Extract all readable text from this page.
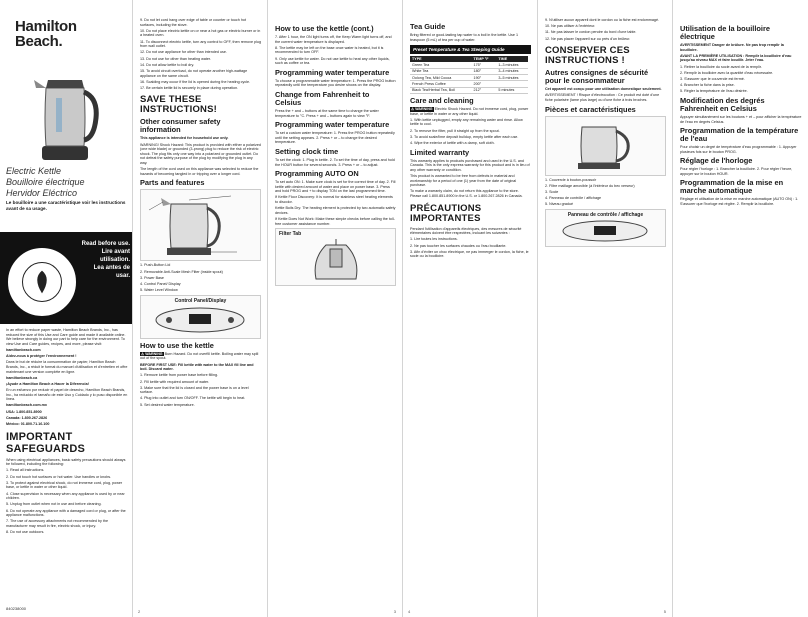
Hamilton Beach.
Electric Kettle
Bouilloire électrique
Hervidor Eléctrico
Le bouilloire a une caractéristique voir les instructions avant de sa usage.
Read before use.
Lire avant utilisation.
Lea antes de usar.

In an effort to reduce paper waste, Hamilton Beach Brands, Inc., has reduced the size of this Use and Care guide and made it available online. We believe strongly in doing our part to help care for the environment. To view Use and Care guides, recipes, and more, please visit:

hamiltonbeach.com

Aidez-nous à protéger l'environnement !

Dans le but de réduire la consommation de papier, Hamilton Beach Brands, Inc., a réduit le format du manuel d'utilisation et d'entretien et offre maintenant une version complète en ligne.

hamiltonbeach.ca

¡Ayude a Hamilton Beach a Hacer la Diferencia!

En un esfuerzo por reducir el papel de desecho, Hamilton Beach Brands, Inc., ha reducido el tamaño de este Uso y Cuidado y lo puso disponible en línea.

hamiltonbeach.com.mx

USA: 1.800.851.8900

Canada: 1.800.267.2826

México: 01.800.71.16.100

IMPORTANT SAFEGUARDS

When using electrical appliances, basic safety precautions should always be followed, including the following:

1. Read all instructions.

2. Do not touch hot surfaces or hot water. Use handles or knobs.

3. To protect against electrical shock, do not immerse cord, plug, power base, or kettle in water or other liquid.

4. Close supervision is necessary when any appliance is used by or near children.

5. Unplug from outlet when not in use and before cleaning.

6. Do not operate any appliance with a damaged cord or plug, or after the appliance malfunctions.

7. The use of accessory attachments not recommended by the manufacturer may result in fire, electric shock, or injury.

8. Do not use outdoors.

840238000

9. Do not let cord hang over edge of table or counter or touch hot surfaces, including the stove.

10. Do not place electric kettle on or near a hot gas or electric burner or in a heated oven.

11. To disconnect electric kettle, turn any control to OFF, then remove plug from wall outlet.

12. Do not use appliance for other than intended use.

13. Do not use for other than heating water.

14. Do not allow kettle to boil dry.

15. To avoid circuit overload, do not operate another high-wattage appliance on the same circuit.

16. Scalding may occur if the lid is opened during the heating cycle.

17. Be certain kettle lid is securely in place during operation.

SAVE THESE INSTRUCTIONS!
Other consumer safety information

This appliance is intended for household use only.

WARNING! Shock Hazard: This product is provided with either a polarized (one wide blade) or grounded (3-prong) plug to reduce the risk of electric shock. The plug fits only one way into a polarized or grounded outlet. Do not defeat the safety purpose of the plug by modifying the plug in any way.

The length of the cord used on this appliance was selected to reduce the hazards of becoming tangled in or tripping over a longer cord.

Parts and features

1. Push-Button Lid

2. Removable Anti-Scale Mesh Filter (inside spout)

3. Power Base

4. Control Panel/ Display

5. Water Level Window

Control Panel/Display
How to use the kettle

⚠ WARNING Burn Hazard. Do not overfill kettle. Boiling water may spill out of the spout.

BEFORE FIRST USE: Fill kettle with water to the MAX fill line and boil. Discard water.

1. Remove kettle from power base before filling.

2. Fill kettle with required amount of water.

3. Make sure that the lid is closed and the power base is on a level surface.

4. Plug into outlet and turn ON/OFF. The kettle will begin to heat.

5. Set desired water temperature.

2
How to use the kettle (cont.)

7. After 1 hour, the ON light turns off, the Keep Warm light turns off, and the current water temperature is displayed.

8. The kettle may be left on the base once water is heated, but it is recommended to turn OFF.

9. Only use kettle for water. Do not use kettle to heat any other liquids, such as coffee or tea.

Programming water temperature

To choose a programmable water temperature: 1. Press the PROG button repeatedly until the temperature you desire shows on the display.

Change from Fahrenheit to Celsius

Press the + and – buttons at the same time to change the water temperature to °C. Press + and – buttons again to view °F.

Programming water temperature

To set a custom water temperature: 1. Press the PROG button repeatedly until the setting appears. 2. Press + or – to change the desired temperature.

Setting clock time

To set the clock: 1. Plug in kettle. 2. To set the time of day, press and hold the HOUR button for several seconds. 3. Press + or – to adjust.

Programming AUTO ON

To set auto ON: 1. Make sure clock is set for the correct time of day. 2. Fill kettle with desired amount of water and place on power base. 3. Press and hold PROG and + to display TON on the last programmed time.

If Kettle Floor Discovery: It is normal for stainless steel heating elements to discolor.

Kettle Boils Dry: The heating element is protected by two automatic safety devices.

If Kettle Does Not Work: Make these simple checks before calling the toll-free customer assistance number.

Filter Tab
3
Tea Guide

Bring filtered or good-tasting tap water to a boil in the kettle. Use 1 teaspoon (5 mL) of tea per cup of water.

Preset Temperature & Tea Steeping Guide
TYPE	TEMP °F	TIME
Green Tea	175°	1–3 minutes
White Tea	180°	3–4 minutes
Oolong Tea, Mild Cocoa	190°	3–5 minutes
French Press Coffee	200°	
Black Tea/Herbal Tea, Boil	212°	5 minutes
Care and cleaning

⚠ WARNING Electric Shock Hazard. Do not immerse cord, plug, power base, or kettle in water or any other liquid.

1. With kettle unplugged, empty any remaining water and rinse. Allow kettle to cool.

2. To remove the filter, pull it straight up from the spout.

3. To avoid scale/lime deposit buildup, empty kettle after each use.

4. Wipe the exterior of kettle with a damp, soft cloth.

Limited warranty

This warranty applies to products purchased and used in the U.S. and Canada. This is the only express warranty for this product and is in lieu of any other warranty or condition.

This product is warranted to be free from defects in material and workmanship for a period of one (1) year from the date of original purchase.

To make a warranty claim, do not return this appliance to the store. Please call 1.800.851.8900 in the U.S. or 1.800.267.2826 in Canada.

PRÉCAUTIONS IMPORTANTES

Pendant l'utilisation d'appareils électriques, des mesures de sécurité élémentaires doivent être respectées, incluant les suivantes :

1. Lire toutes les instructions.

2. Ne pas toucher les surfaces chaudes ou l'eau bouillante.

3. Afin d'éviter un choc électrique, ne pas immerger le cordon, la fiche, le socle ou la bouilloire.

4

9. N'utiliser aucun appareil dont le cordon ou la fiche est endommagé.

10. Ne pas utiliser à l'extérieur.

11. Ne pas laisser le cordon pendre du bord d'une table.

12. Ne pas placer l'appareil sur ou près d'un brûleur.

CONSERVER CES INSTRUCTIONS !
Autres consignes de sécurité pour le consommateur

Cet appareil est conçu pour une utilisation domestique seulement.

AVERTISSEMENT ! Risque d'électrocution : Ce produit est doté d'une fiche polarisée (lame plus large) ou d'une fiche à trois broches.

Pièces et caractéristiques

1. Couvercle à bouton-poussoir

2. Filtre maillage amovible (à l'intérieur du bec verseur)

3. Socle

4. Panneau de contrôle / affichage

5. Niveau gradué

Panneau de contrôle / affichage
5
Utilisation de la bouilloire électrique

AVERTISSEMENT Danger de brûlure. Ne pas trop remplir la bouilloire.

AVANT LA PREMIÈRE UTILISATION : Remplir la bouilloire d'eau jusqu'au niveau MAX et faire bouillir. Jeter l'eau.

1. Retirer la bouilloire du socle avant de la remplir.

2. Remplir la bouilloire avec la quantité d'eau nécessaire.

3. S'assurer que le couvercle est fermé.

4. Brancher la fiche dans la prise.

5. Régler la température de l'eau désirée.

Modification des degrés Fahrenheit en Celsius

Appuyer simultanément sur les boutons + et – pour afficher la température de l'eau en degrés Celsius.

Programmation de la température de l'eau

Pour choisir un degré de température d'eau programmable : 1. Appuyer plusieurs fois sur le bouton PROG.

Réglage de l'horloge

Pour régler l'horloge : 1. Brancher la bouilloire. 2. Pour régler l'heure, appuyer sur le bouton HOUR.

Programmation de la mise en marche automatique

Réglage et utilisation de la mise en marche automatique (AUTO ON) : 1. S'assurer que l'horloge est réglée. 2. Remplir la bouilloire.
